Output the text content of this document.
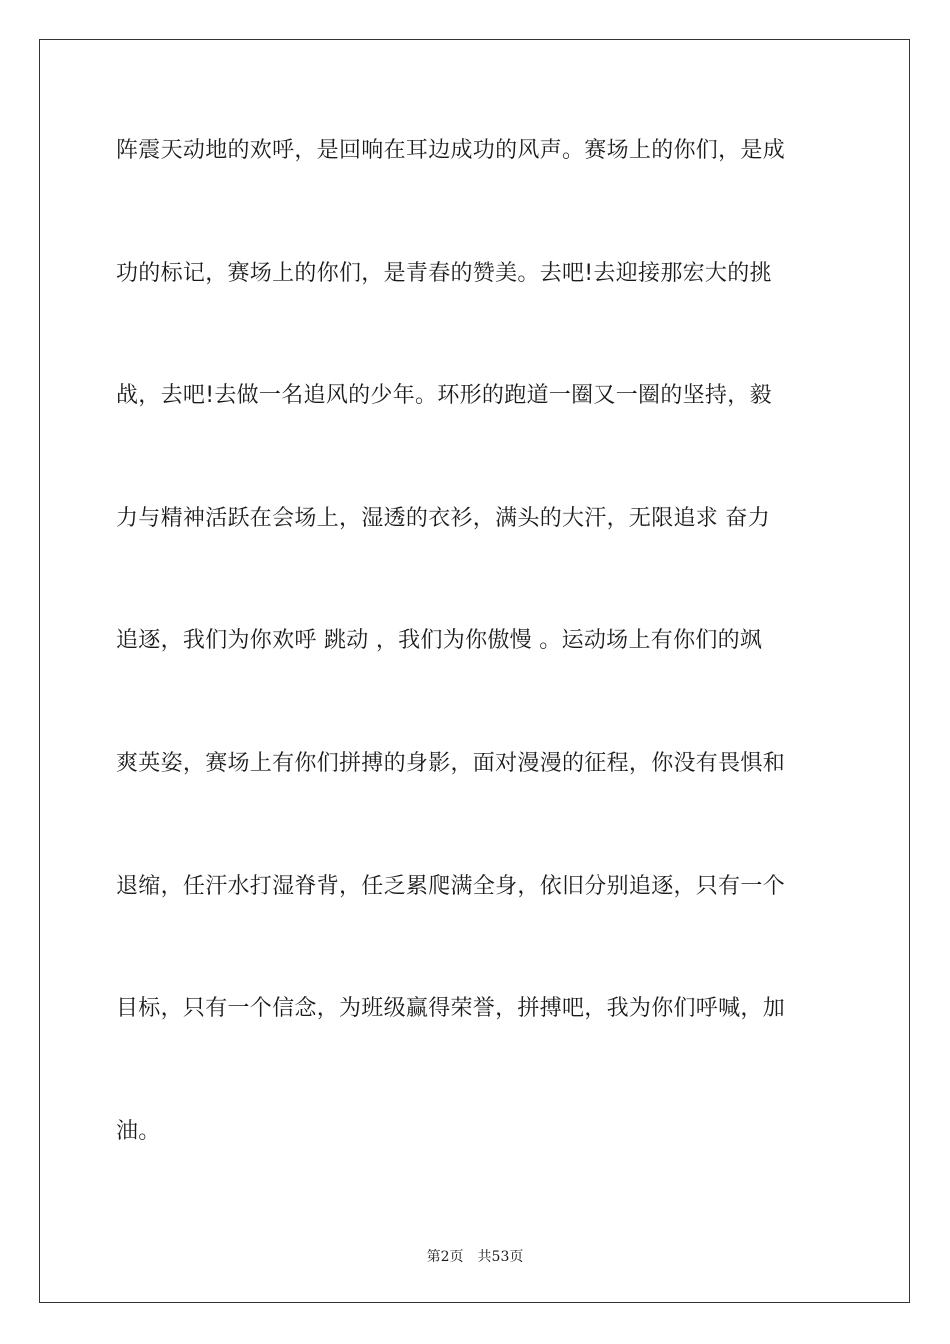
阵震天动地的欢呼，是回响在耳边成功的风声。赛场上的你们，是成
功的标记，赛场上的你们，是青春的赞美。去吧!去迎接那宏大的挑
战，去吧!去做一名追风的少年。环形的跑道一圈又一圈的坚持，毅
力与精神活跃在会场上，湿透的衣衫，满头的大汗，无限追求 奋力
追逐，我们为你欢呼 跳动 ，我们为你傲慢 。运动场上有你们的飒
爽英姿，赛场上有你们拼搏的身影，面对漫漫的征程，你没有畏惧和
退缩，任汗水打湿脊背，任乏累爬满全身，依旧分别追逐，只有一个
目标，只有一个信念，为班级赢得荣誉，拼搏吧，我为你们呼喊，加
油。
第2页 共53页
